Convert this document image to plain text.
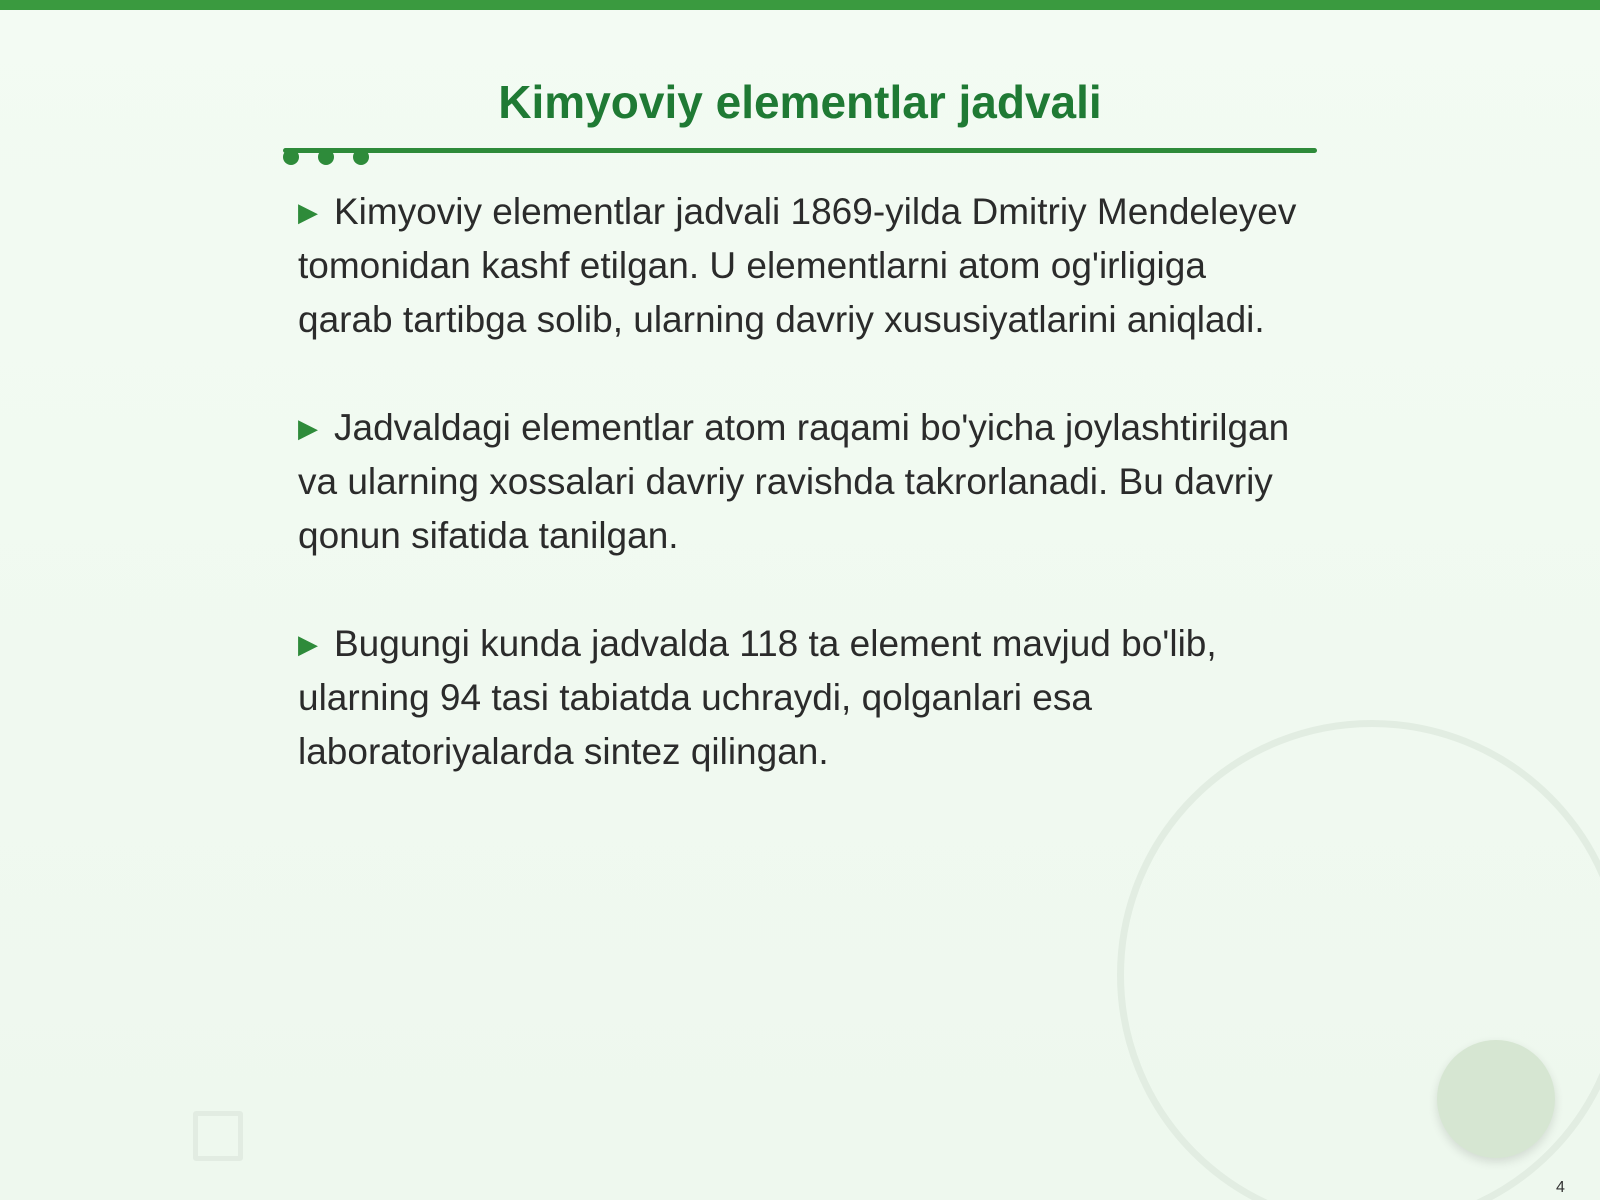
Kimyoviy elementlar jadvali

▶ Kimyoviy elementlar jadvali 1869-yilda Dmitriy Mendeleyev tomonidan kashf etilgan. U elementlarni atom og'irligiga qarab tartibga solib, ularning davriy xususiyatlarini aniqladi.

▶ Jadvaldagi elementlar atom raqami bo'yicha joylashtirilgan va ularning xossalari davriy ravishda takrorlanadi. Bu davriy qonun sifatida tanilgan.

▶ Bugungi kunda jadvalda 118 ta element mavjud bo'lib, ularning 94 tasi tabiatda uchraydi, qolganlari esa laboratoriyalarda sintez qilingan.

4
